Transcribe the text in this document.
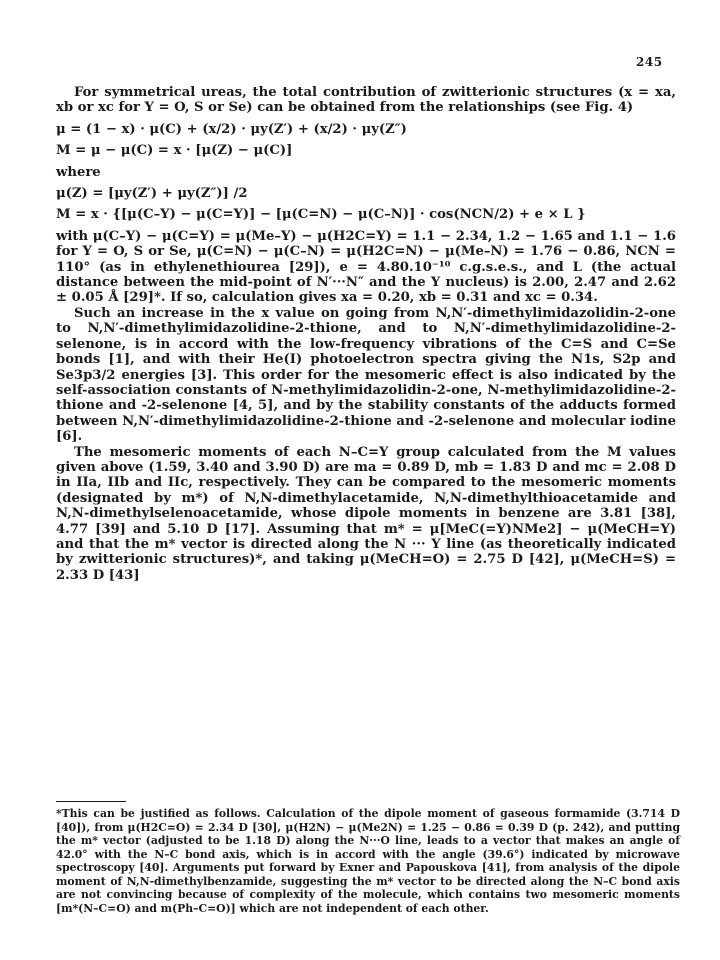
245

For symmetrical ureas, the total contribution of zwitterionic structures (x = xa, xb or xc for Y = O, S or Se) can be obtained from the relationships (see Fig. 4)

μ = (1 − x) · μ(C) + (x/2) · μy(Z′) + (x/2) · μy(Z″)

M = μ − μ(C) = x · [μ(Z) − μ(C)]

where

μ(Z) = [μy(Z′) + μy(Z″)] /2

M = x · {[μ(C–Y) − μ(C=Y)] − [μ(C=N) − μ(C–N)] · cos(NCN/2) + e × L }

with μ(C–Y) − μ(C=Y) = μ(Me–Y) − μ(H2C=Y) = 1.1 − 2.34, 1.2 − 1.65 and 1.1 − 1.6 for Y = O, S or Se, μ(C=N) − μ(C–N) = μ(H2C=N) − μ(Me–N) = 1.76 − 0.86, NCN = 110° (as in ethylenethiourea [29]), e = 4.80.10⁻¹⁰ c.g.s.e.s., and L (the actual distance between the mid-point of N′···N″ and the Y nucleus) is 2.00, 2.47 and 2.62 ± 0.05 Å [29]*. If so, calculation gives xa = 0.20, xb = 0.31 and xc = 0.34.

Such an increase in the x value on going from N,N′-dimethylimidazolidin-2-one to N,N′-dimethylimidazolidine-2-thione, and to N,N′-dimethylimidazolidine-2-selenone, is in accord with the low-frequency vibrations of the C=S and C=Se bonds [1], and with their He(I) photoelectron spectra giving the N1s, S2p and Se3p3/2 energies [3]. This order for the mesomeric effect is also indicated by the self-association constants of N-methylimidazolidin-2-one, N-methylimidazolidine-2-thione and -2-selenone [4, 5], and by the stability constants of the adducts formed between N,N′-dimethylimidazolidine-2-thione and -2-selenone and molecular iodine [6].

The mesomeric moments of each N–C=Y group calculated from the M values given above (1.59, 3.40 and 3.90 D) are ma = 0.89 D, mb = 1.83 D and mc = 2.08 D in IIa, IIb and IIc, respectively. They can be compared to the mesomeric moments (designated by m*) of N,N-dimethylacetamide, N,N-dimethylthioacetamide and N,N-dimethylselenoacetamide, whose dipole moments in benzene are 3.81 [38], 4.77 [39] and 5.10 D [17]. Assuming that m* = μ[MeC(=Y)NMe2] − μ(MeCH=Y) and that the m* vector is directed along the N ··· Y line (as theoretically indicated by zwitterionic structures)*, and taking μ(MeCH=O) = 2.75 D [42], μ(MeCH=S) = 2.33 D [43]

*This can be justified as follows. Calculation of the dipole moment of gaseous formamide (3.714 D [40]), from μ(H2C=O) = 2.34 D [30], μ(H2N) − μ(Me2N) = 1.25 − 0.86 = 0.39 D (p. 242), and putting the m* vector (adjusted to be 1.18 D) along the N···O line, leads to a vector that makes an angle of 42.0° with the N–C bond axis, which is in accord with the angle (39.6°) indicated by microwave spectroscopy [40]. Arguments put forward by Exner and Papouskova [41], from analysis of the dipole moment of N,N-dimethylbenzamide, suggesting the m* vector to be directed along the N–C bond axis are not convincing because of complexity of the molecule, which contains two mesomeric moments [m*(N–C=O) and m(Ph–C=O)] which are not independent of each other.
